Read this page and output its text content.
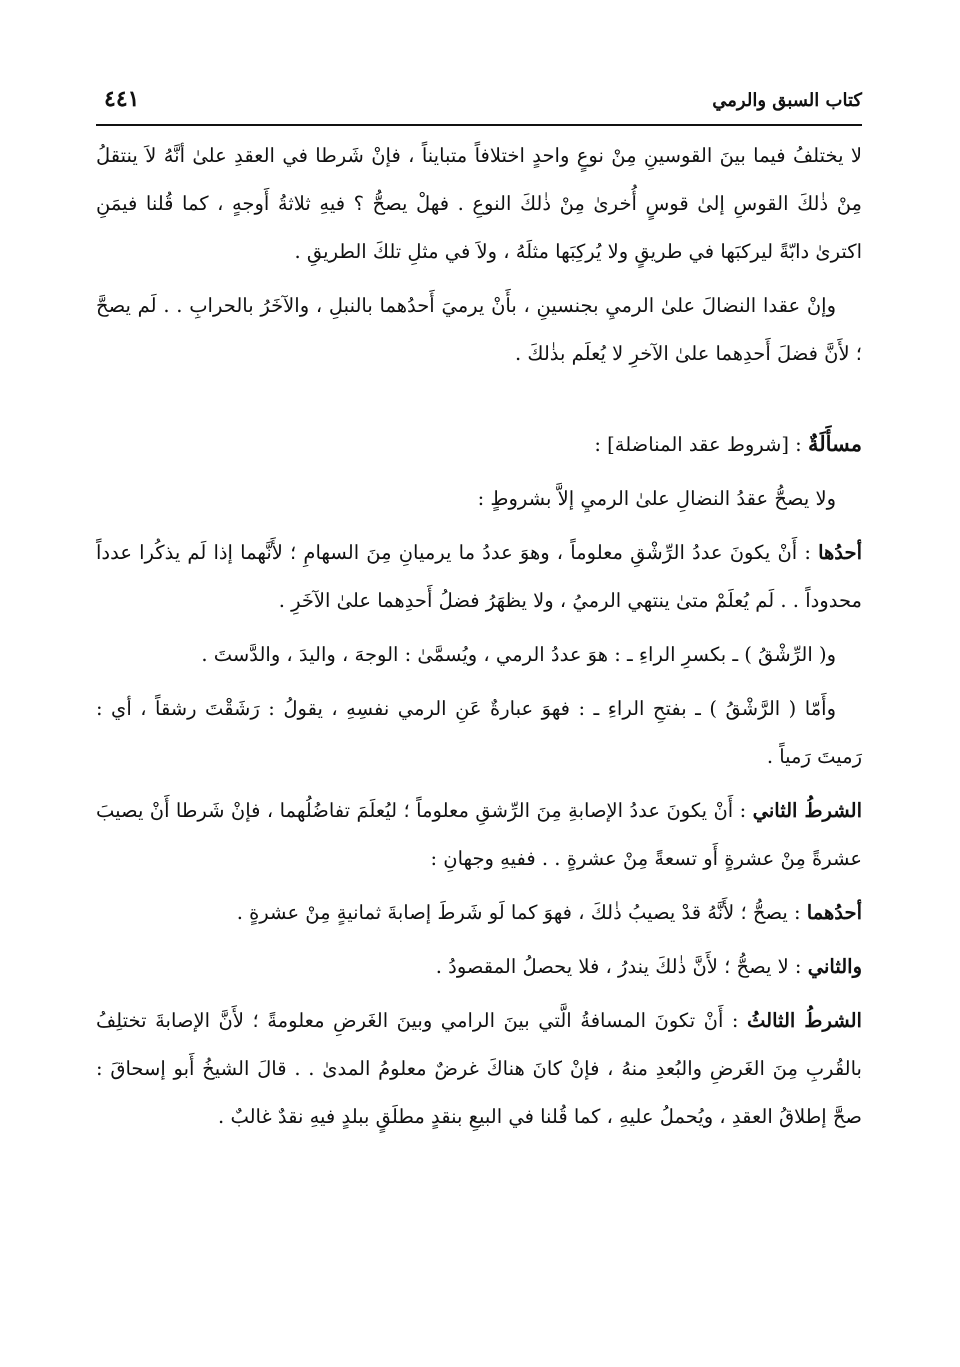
كتاب السبق والرمي
٤٤١

لا يختلفُ فيما بينَ القوسينِ مِنْ نوعٍ واحدٍ اختلافاً متبايناً ، فإنْ شَرطا في العقدِ علىٰ أنَّهُ لاَ ينتقلُ مِنْ ذٰلكَ القوسِ إلىٰ قوسٍ أُخرىٰ مِنْ ذٰلكَ النوعِ . فهلْ يصحُّ ؟ فيهِ ثلاثةُ أَوجهٍ ، كما قُلنا فيمَنِ اكترىٰ دابّةً ليركبَها في طريقٍ ولا يُركِبَها مثلَهُ ، ولاَ في مثلِ تلكَ الطريقِ .

وإنْ عقدا النضالَ علىٰ الرميِ بجنسينِ ، بأَنْ يرميَ أَحدُهما بالنبلِ ، والآخَرُ بالحرابِ . . لَم يصحَّ ؛ لأَنَّ فضلَ أَحدِهما علىٰ الآخرِ لا يُعلَم بذٰلكَ .

مسأَلَةٌ : [شروط عقد المناضلة] :

ولا يصحُّ عقدُ النضالِ علىٰ الرميِ إلاَّ بشروطٍ :

أحدُها : أَنْ يكونَ عددُ الرِّشْقِ معلوماً ، وهوَ عددُ ما يرميانِ مِنَ السهامِ ؛ لأَنَّهما إذا لَم يذكُرا عدداً محدوداً . . لَم يُعلَمْ متىٰ ينتهي الرميُ ، ولا يظهَرُ فضلُ أَحدِهما علىٰ الآخَرِ .

و( الرِّشْقُ ) ـ بكسرِ الراءِ ـ : هوَ عددُ الرمي ، ويُسمَّىٰ : الوجهَ ، واليدَ ، والدَّستَ .

وأَمّا ( الرَّشْقُ ) ـ بفتحِ الراءِ ـ : فهوَ عبارةٌ عَنِ الرمي نفسِهِ ، يقولُ : رَشَقْتَ رشقاً ، أي : رَميتَ رَمياً .

الشرطُ الثاني : أَنْ يكونَ عددُ الإصابةِ مِنَ الرِّشقِ معلوماً ؛ ليُعلَمَ تفاضُلُهما ، فإنْ شَرطا أَنْ يصيبَ عشرةً مِنْ عشرةٍ أَو تسعةً مِنْ عشرةٍ . . ففيهِ وجهانِ :

أحدُهما : يصحُّ ؛ لأَنَّهُ قدْ يصيبُ ذٰلكَ ، فهوَ كما لَو شَرطَ إصابةَ ثمانيةٍ مِنْ عشرةٍ .

والثاني : لا يصحُّ ؛ لأَنَّ ذٰلكَ يندرُ ، فلا يحصلُ المقصودُ .

الشرطُ الثالثُ : أَنْ تكونَ المسافةُ الَّتي بينَ الرامي وبينَ الغَرضِ معلومةً ؛ لأَنَّ الإصابةَ تختلِفُ بالقُربِ مِنَ الغَرضِ والبُعدِ منهُ ، فإنْ كانَ هناكَ غرضٌ معلومُ المدىٰ . . قالَ الشيخُ أَبو إسحاقَ : صحَّ إطلاقُ العقدِ ، ويُحملُ عليهِ ، كما قُلنا في البيعِ بنقدٍ مطلَقٍ ببلدٍ فيهِ نقدٌ غالبٌ .
